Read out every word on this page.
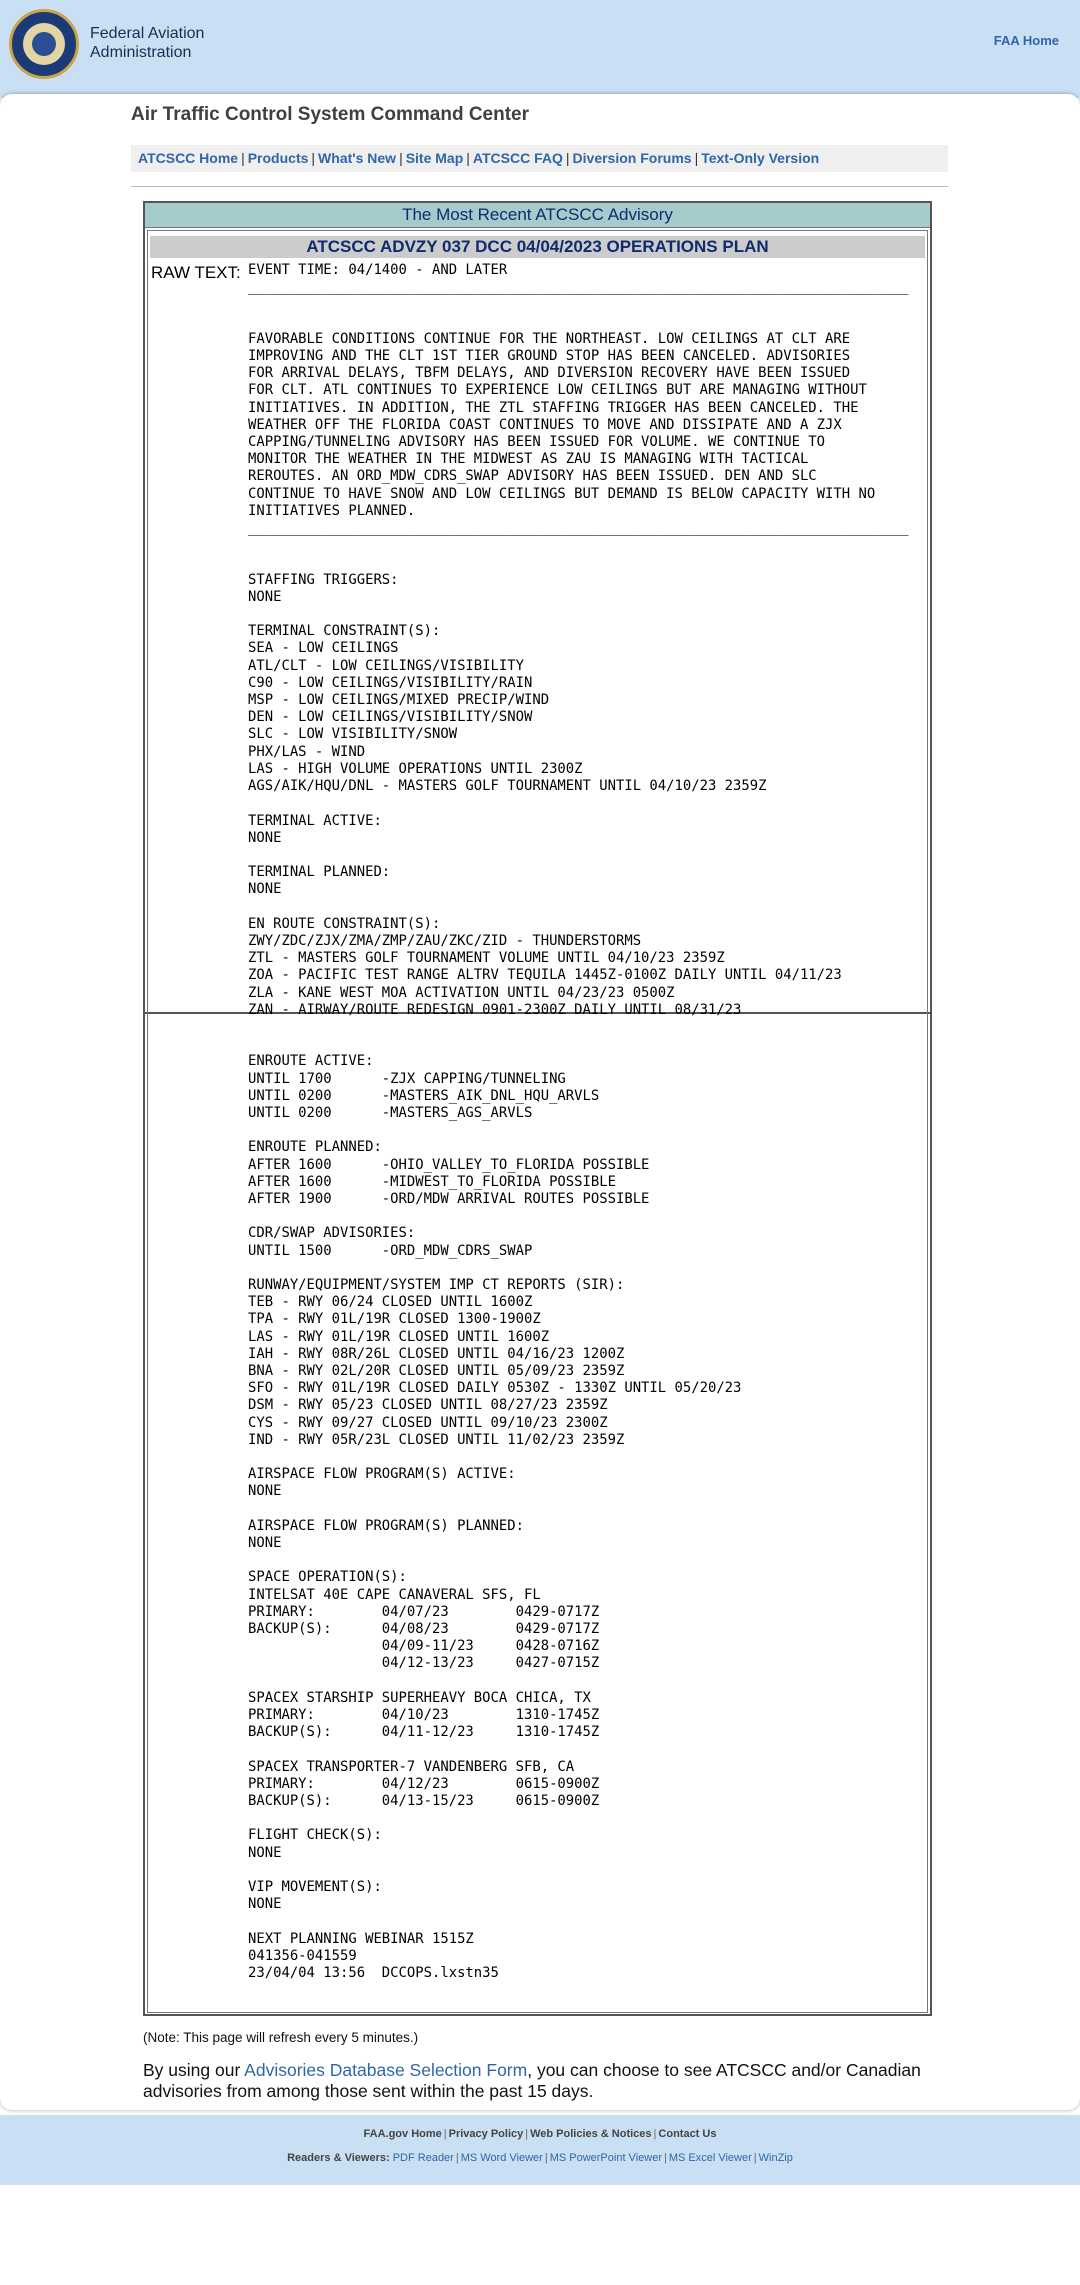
Federal Aviation
Administration
FAA Home
Air Traffic Control System Command Center
ATCSCC Home | Products | What's New | Site Map | ATCSCC FAQ | Diversion Forums | Text-Only Version
The Most Recent ATCSCC Advisory
ATCSCC ADVZY 037 DCC 04/04/2023 OPERATIONS PLAN
RAW TEXT: EVENT TIME: 04/1400 - AND LATER
_______________________________________________________________________________

FAVORABLE CONDITIONS CONTINUE FOR THE NORTHEAST. LOW CEILINGS AT CLT ARE
IMPROVING AND THE CLT 1ST TIER GROUND STOP HAS BEEN CANCELED. ADVISORIES
FOR ARRIVAL DELAYS, TBFM DELAYS, AND DIVERSION RECOVERY HAVE BEEN ISSUED
FOR CLT. ATL CONTINUES TO EXPERIENCE LOW CEILINGS BUT ARE MANAGING WITHOUT
INITIATIVES. IN ADDITION, THE ZTL STAFFING TRIGGER HAS BEEN CANCELED. THE
WEATHER OFF THE FLORIDA COAST CONTINUES TO MOVE AND DISSIPATE AND A ZJX
CAPPING/TUNNELING ADVISORY HAS BEEN ISSUED FOR VOLUME. WE CONTINUE TO
MONITOR THE WEATHER IN THE MIDWEST AS ZAU IS MANAGING WITH TACTICAL
REROUTES. AN ORD_MDW_CDRS_SWAP ADVISORY HAS BEEN ISSUED. DEN AND SLC
CONTINUE TO HAVE SNOW AND LOW CEILINGS BUT DEMAND IS BELOW CAPACITY WITH NO
INITIATIVES PLANNED.
_______________________________________________________________________________

STAFFING TRIGGERS:
NONE

TERMINAL CONSTRAINT(S):
SEA - LOW CEILINGS
ATL/CLT - LOW CEILINGS/VISIBILITY
C90 - LOW CEILINGS/VISIBILITY/RAIN
MSP - LOW CEILINGS/MIXED PRECIP/WIND
DEN - LOW CEILINGS/VISIBILITY/SNOW
SLC - LOW VISIBILITY/SNOW
PHX/LAS - WIND
LAS - HIGH VOLUME OPERATIONS UNTIL 2300Z
AGS/AIK/HQU/DNL - MASTERS GOLF TOURNAMENT UNTIL 04/10/23 2359Z

TERMINAL ACTIVE:
NONE

TERMINAL PLANNED:
NONE

EN ROUTE CONSTRAINT(S):
ZWY/ZDC/ZJX/ZMA/ZMP/ZAU/ZKC/ZID - THUNDERSTORMS
ZTL - MASTERS GOLF TOURNAMENT VOLUME UNTIL 04/10/23 2359Z
ZOA - PACIFIC TEST RANGE ALTRV TEQUILA 1445Z-0100Z DAILY UNTIL 04/11/23
ZLA - KANE WEST MOA ACTIVATION UNTIL 04/23/23 0500Z
ZAN - AIRWAY/ROUTE REDESIGN 0901-2300Z DAILY UNTIL 08/31/23

ENROUTE ACTIVE:
UNTIL 1700      -ZJX CAPPING/TUNNELING
UNTIL 0200      -MASTERS_AIK_DNL_HQU_ARVLS
UNTIL 0200      -MASTERS_AGS_ARVLS

ENROUTE PLANNED:
AFTER 1600      -OHIO_VALLEY_TO_FLORIDA POSSIBLE
AFTER 1600      -MIDWEST_TO_FLORIDA POSSIBLE
AFTER 1900      -ORD/MDW ARRIVAL ROUTES POSSIBLE

CDR/SWAP ADVISORIES:
UNTIL 1500      -ORD_MDW_CDRS_SWAP

RUNWAY/EQUIPMENT/SYSTEM IMP CT REPORTS (SIR):
TEB - RWY 06/24 CLOSED UNTIL 1600Z
TPA - RWY 01L/19R CLOSED 1300-1900Z
LAS - RWY 01L/19R CLOSED UNTIL 1600Z
IAH - RWY 08R/26L CLOSED UNTIL 04/16/23 1200Z
BNA - RWY 02L/20R CLOSED UNTIL 05/09/23 2359Z
SFO - RWY 01L/19R CLOSED DAILY 0530Z - 1330Z UNTIL 05/20/23
DSM - RWY 05/23 CLOSED UNTIL 08/27/23 2359Z
CYS - RWY 09/27 CLOSED UNTIL 09/10/23 2300Z
IND - RWY 05R/23L CLOSED UNTIL 11/02/23 2359Z

AIRSPACE FLOW PROGRAM(S) ACTIVE:
NONE

AIRSPACE FLOW PROGRAM(S) PLANNED:
NONE

SPACE OPERATION(S):
INTELSAT 40E CAPE CANAVERAL SFS, FL
PRIMARY:        04/07/23        0429-0717Z
BACKUP(S):      04/08/23        0429-0717Z
04/09-11/23     0428-0716Z
04/12-13/23     0427-0715Z

SPACEX STARSHIP SUPERHEAVY BOCA CHICA, TX
PRIMARY:        04/10/23        1310-1745Z
BACKUP(S):      04/11-12/23     1310-1745Z

SPACEX TRANSPORTER-7 VANDENBERG SFB, CA
PRIMARY:        04/12/23        0615-0900Z
BACKUP(S):      04/13-15/23     0615-0900Z

FLIGHT CHECK(S):
NONE

VIP MOVEMENT(S):
NONE

NEXT PLANNING WEBINAR 1515Z
041356-041559
23/04/04 13:56  DCCOPS.lxstn35
(Note: This page will refresh every 5 minutes.)
By using our Advisories Database Selection Form, you can choose to see ATCSCC and/or Canadian advisories from among those sent within the past 15 days.
FAA.gov Home | Privacy Policy | Web Policies & Notices | Contact Us
Readers & Viewers: PDF Reader | MS Word Viewer | MS PowerPoint Viewer | MS Excel Viewer | WinZip
